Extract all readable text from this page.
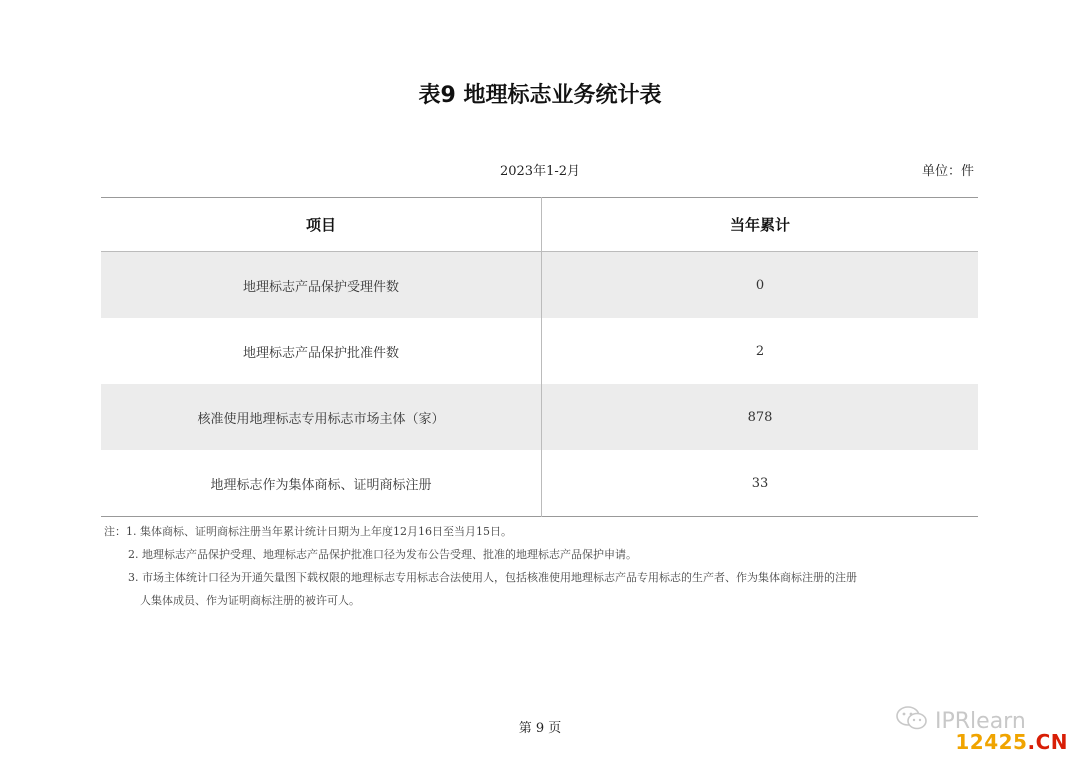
表9 地理标志业务统计表
2023年1-2月	单位：件
项目	当年累计
地理标志产品保护受理件数	0
地理标志产品保护批准件数	2
核准使用地理标志专用标志市场主体（家）	878
地理标志作为集体商标、证明商标注册	33
注：1. 集体商标、证明商标注册当年累计统计日期为上年度12月16日至当月15日。
2. 地理标志产品保护受理、地理标志产品保护批准口径为发布公告受理、批准的地理标志产品保护申请。
3. 市场主体统计口径为开通矢量图下载权限的地理标志专用标志合法使用人，包括核准使用地理标志产品专用标志的生产者、作为集体商标注册的注册
人集体成员、作为证明商标注册的被许可人。
第 9 页	IPRlearn
12425.CN
